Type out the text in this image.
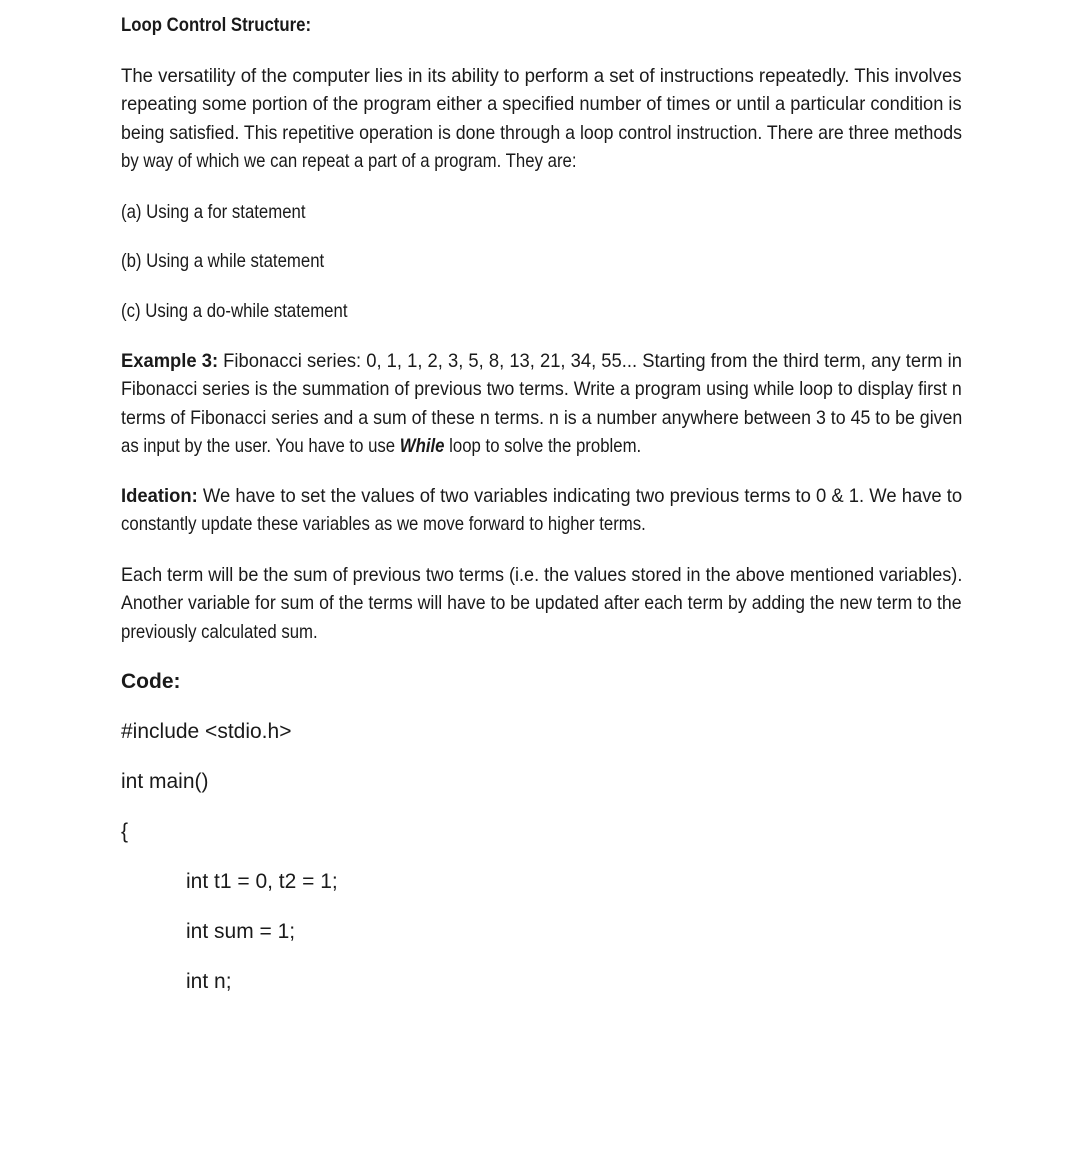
Loop Control Structure:
The versatility of the computer lies in its ability to perform a set of instructions repeatedly. This involves
repeating some portion of the program either a specified number of times or until a particular condition is
being satisfied. This repetitive operation is done through a loop control instruction. There are three methods
by way of which we can repeat a part of a program. They are:
(a) Using a for statement
(b) Using a while statement
(c) Using a do-while statement
Example 3: Fibonacci series: 0, 1, 1, 2, 3, 5, 8, 13, 21, 34, 55... Starting from the third term, any term in
Fibonacci series is the summation of previous two terms. Write a program using while loop to display first n
terms of Fibonacci series and a sum of these n terms. n is a number anywhere between 3 to 45 to be given
as input by the user. You have to use While loop to solve the problem.
Ideation: We have to set the values of two variables indicating two previous terms to 0 & 1. We have to
constantly update these variables as we move forward to higher terms.
Each term will be the sum of previous two terms (i.e. the values stored in the above mentioned variables).
Another variable for sum of the terms will have to be updated after each term by adding the new term to the
previously calculated sum.
Code:
#include <stdio.h>
int main()
{
int t1 = 0, t2 = 1;
int sum = 1;
int n;
